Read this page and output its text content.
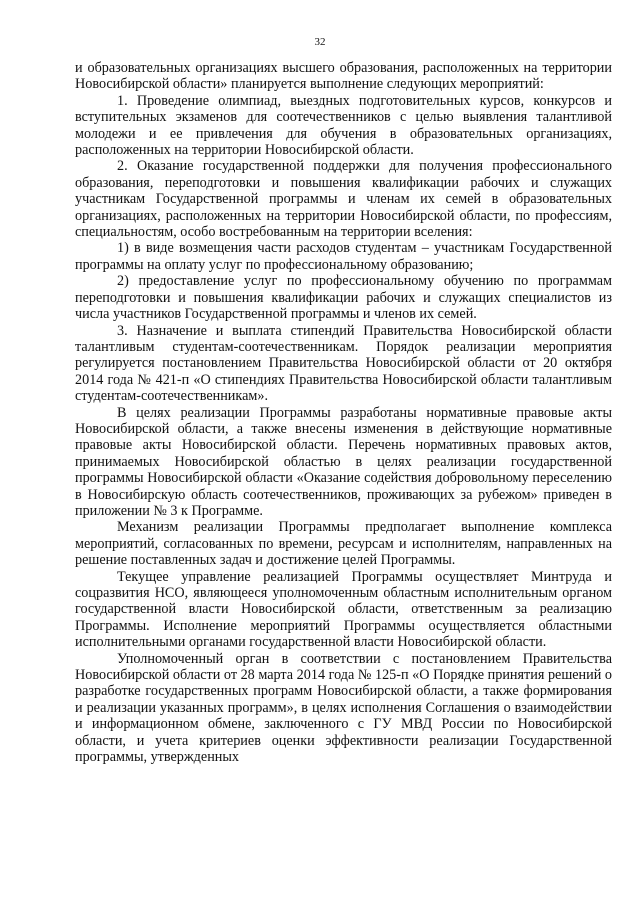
32

и образовательных организациях высшего образования, расположенных на территории Новосибирской области» планируется выполнение следующих мероприятий:

1. Проведение олимпиад, выездных подготовительных курсов, конкурсов и вступительных экзаменов для соотечественников с целью выявления талантливой молодежи и ее привлечения для обучения в образовательных организациях, расположенных на территории Новосибирской области.

2. Оказание государственной поддержки для получения профессионального образования, переподготовки и повышения квалификации рабочих и служащих участникам Государственной программы и членам их семей в образовательных организациях, расположенных на территории Новосибирской области, по профессиям, специальностям, особо востребованным на территории вселения:

1) в виде возмещения части расходов студентам – участникам Государственной программы на оплату услуг по профессиональному образованию;

2) предоставление услуг по профессиональному обучению по программам переподготовки и повышения квалификации рабочих и служащих специалистов из числа участников Государственной программы и членов их семей.

3. Назначение и выплата стипендий Правительства Новосибирской области талантливым студентам-соотечественникам. Порядок реализации мероприятия регулируется постановлением Правительства Новосибирской области от 20 октября 2014 года № 421-п «О стипендиях Правительства Новосибирской области талантливым студентам-соотечественникам».

В целях реализации Программы разработаны нормативные правовые акты Новосибирской области, а также внесены изменения в действующие нормативные правовые акты Новосибирской области. Перечень нормативных правовых актов, принимаемых Новосибирской областью в целях реализации государственной программы Новосибирской области «Оказание содействия добровольному переселению в Новосибирскую область соотечественников, проживающих за рубежом» приведен в приложении № 3 к Программе.

Механизм реализации Программы предполагает выполнение комплекса мероприятий, согласованных по времени, ресурсам и исполнителям, направленных на решение поставленных задач и достижение целей Программы.

Текущее управление реализацией Программы осуществляет Минтруда и соцразвития НСО, являющееся уполномоченным областным исполнительным органом государственной власти Новосибирской области, ответственным за реализацию Программы. Исполнение мероприятий Программы осуществляется областными исполнительными органами государственной власти Новосибирской области.

Уполномоченный орган в соответствии с постановлением Правительства Новосибирской области от 28 марта 2014 года № 125-п «О Порядке принятия решений о разработке государственных программ Новосибирской области, а также формирования и реализации указанных программ», в целях исполнения Соглашения о взаимодействии и информационном обмене, заключенного с ГУ МВД России по Новосибирской области, и учета критериев оценки эффективности реализации Государственной программы, утвержденных
